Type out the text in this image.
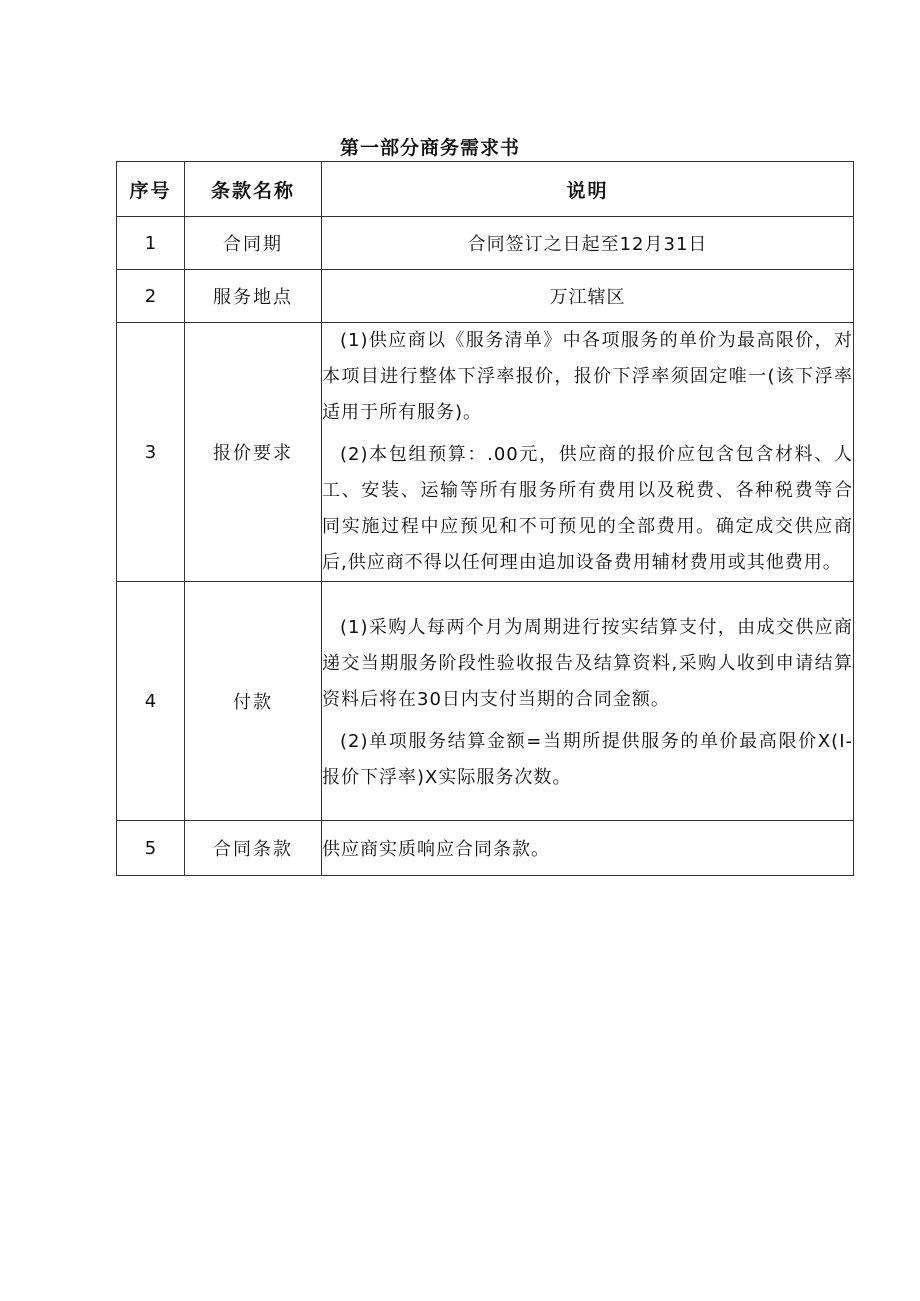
第一部分商务需求书
序号	条款名称	说明
1	合同期	合同签订之日起至12月31日
2	服务地点	万江辖区
3	报价要求	(1)供应商以《服务清单》中各项服务的单价为最高限价，对本项目进行整体下浮率报价，报价下浮率须固定唯一(该下浮率适用于所有服务)。

(2)本包组预算：.00元，供应商的报价应包含包含材料、人工、安装、运输等所有服务所有费用以及税费、各种税费等合同实施过程中应预见和不可预见的全部费用。确定成交供应商后,供应商不得以任何理由追加设备费用辅材费用或其他费用。

4	付款	(1)采购人每两个月为周期进行按实结算支付，由成交供应商递交当期服务阶段性验收报告及结算资料,采购人收到申请结算资料后将在30日内支付当期的合同金额。

(2)单项服务结算金额=当期所提供服务的单价最高限价X(I-报价下浮率)X实际服务次数。

5	合同条款	供应商实质响应合同条款。
